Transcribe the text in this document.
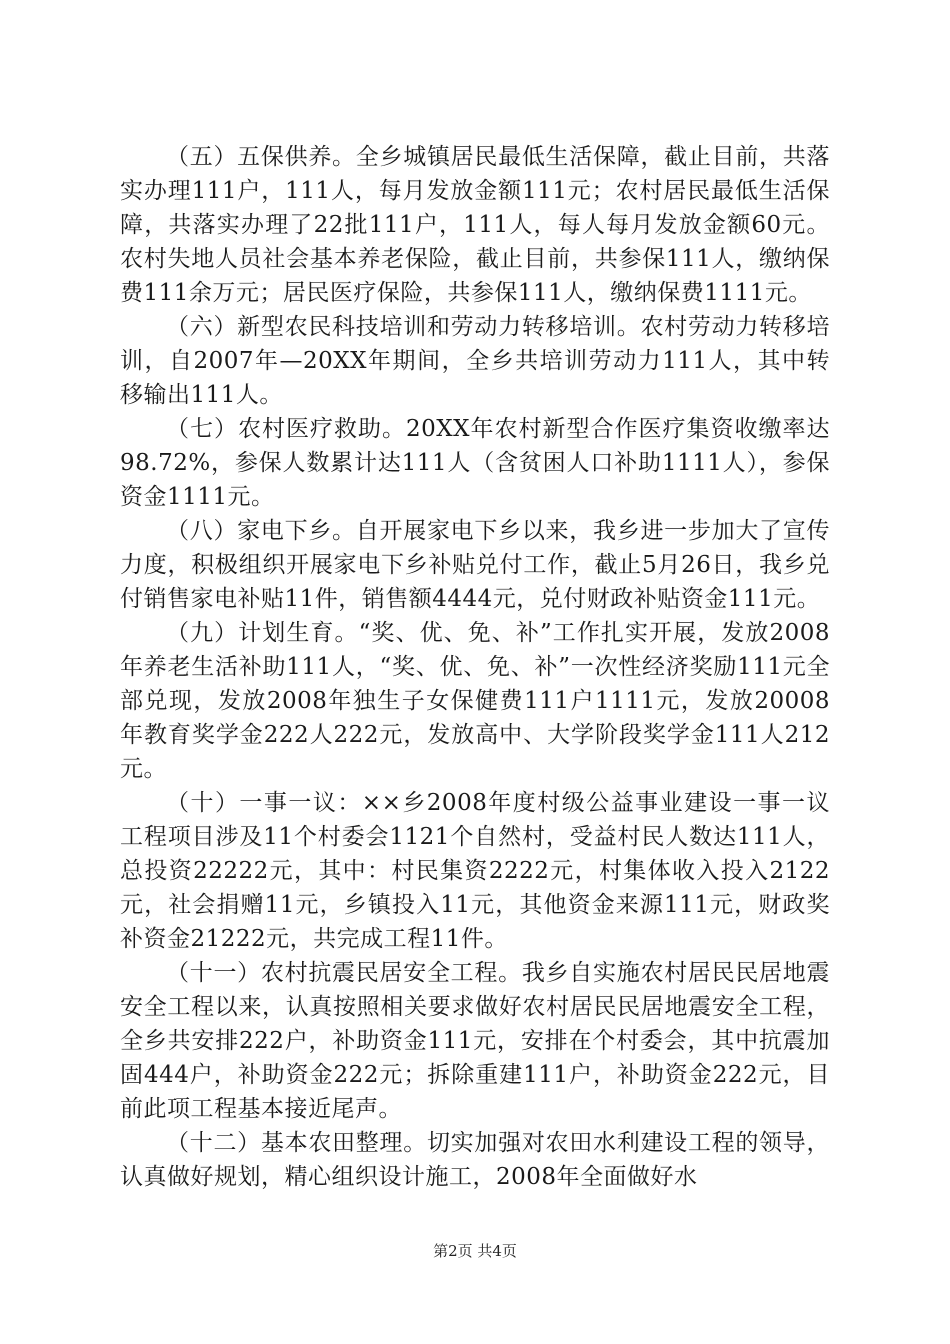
（五）五保供养。全乡城镇居民最低生活保障，截止目前，共落实办理111户，111人，每月发放金额111元；农村居民最低生活保障，共落实办理了22批111户，111人，每人每月发放金额60元。农村失地人员社会基本养老保险，截止目前，共参保111人，缴纳保费111余万元；居民医疗保险，共参保111人，缴纳保费1111元。

（六）新型农民科技培训和劳动力转移培训。农村劳动力转移培训，自2007年—20XX年期间，全乡共培训劳动力111人，其中转移输出111人。

（七）农村医疗救助。20XX年农村新型合作医疗集资收缴率达98.72%，参保人数累计达111人（含贫困人口补助1111人），参保资金1111元。

（八）家电下乡。自开展家电下乡以来，我乡进一步加大了宣传力度，积极组织开展家电下乡补贴兑付工作，截止5月26日，我乡兑付销售家电补贴11件，销售额4444元，兑付财政补贴资金111元。

（九）计划生育。“奖、优、免、补”工作扎实开展，发放2008年养老生活补助111人，“奖、优、免、补”一次性经济奖励111元全部兑现，发放2008年独生子女保健费111户1111元，发放20008年教育奖学金222人222元，发放高中、大学阶段奖学金111人212元。

（十）一事一议：××乡2008年度村级公益事业建设一事一议工程项目涉及11个村委会1121个自然村，受益村民人数达111人，总投资22222元，其中：村民集资2222元，村集体收入投入2122元，社会捐赠11元，乡镇投入11元，其他资金来源111元，财政奖补资金21222元，共完成工程11件。

（十一）农村抗震民居安全工程。我乡自实施农村居民民居地震安全工程以来，认真按照相关要求做好农村居民民居地震安全工程，全乡共安排222户，补助资金111元，安排在个村委会，其中抗震加固444户，补助资金222元；拆除重建111户，补助资金222元，目前此项工程基本接近尾声。

（十二）基本农田整理。切实加强对农田水利建设工程的领导，认真做好规划，精心组织设计施工，2008年全面做好水

第2页 共4页
